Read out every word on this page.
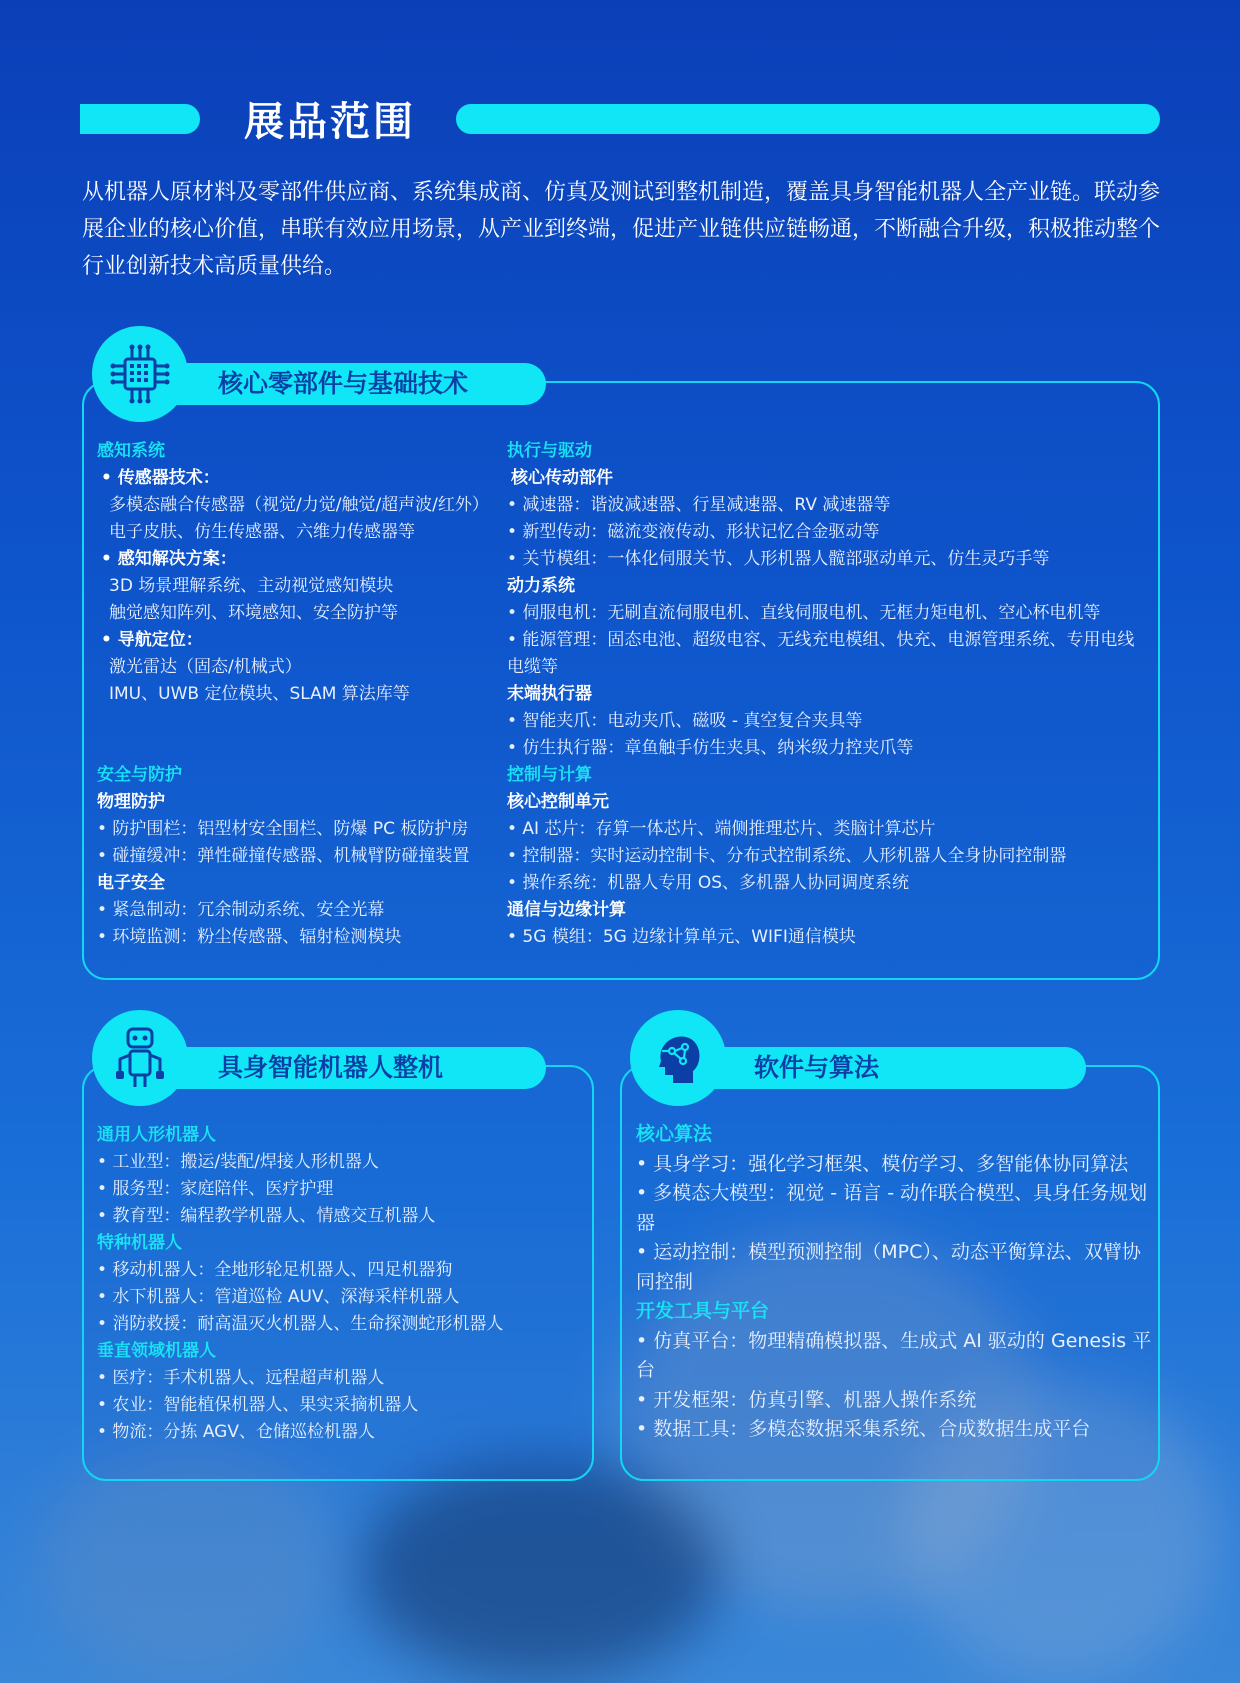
展品范围

从机器人原材料及零部件供应商、系统集成商、仿真及测试到整机制造，覆盖具身智能机器人全产业链。联动参展企业的核心价值，串联有效应用场景，从产业到终端，促进产业链供应链畅通，不断融合升级，积极推动整个行业创新技术高质量供给。

核心零部件与基础技术
感知系统
• 传感器技术：
多模态融合传感器（视觉/力觉/触觉/超声波/红外）
电子皮肤、仿生传感器、六维力传感器等
• 感知解决方案：
3D 场景理解系统、主动视觉感知模块
触觉感知阵列、环境感知、安全防护等
• 导航定位：
激光雷达（固态/机械式）
IMU、UWB 定位模块、SLAM 算法库等
执行与驱动
核心传动部件
• 减速器：谐波减速器、行星减速器、RV 减速器等
• 新型传动：磁流变液传动、形状记忆合金驱动等
• 关节模组：一体化伺服关节、人形机器人髋部驱动单元、仿生灵巧手等
动力系统
• 伺服电机：无刷直流伺服电机、直线伺服电机、无框力矩电机、空心杯电机等
• 能源管理：固态电池、超级电容、无线充电模组、快充、电源管理系统、专用电线电缆等
末端执行器
• 智能夹爪：电动夹爪、磁吸 - 真空复合夹具等
• 仿生执行器：章鱼触手仿生夹具、纳米级力控夹爪等
安全与防护
物理防护
• 防护围栏：铝型材安全围栏、防爆 PC 板防护房
• 碰撞缓冲：弹性碰撞传感器、机械臂防碰撞装置
电子安全
• 紧急制动：冗余制动系统、安全光幕
• 环境监测：粉尘传感器、辐射检测模块
控制与计算
核心控制单元
• AI 芯片：存算一体芯片、端侧推理芯片、类脑计算芯片
• 控制器：实时运动控制卡、分布式控制系统、人形机器人全身协同控制器
• 操作系统：机器人专用 OS、多机器人协同调度系统
通信与边缘计算
• 5G 模组：5G 边缘计算单元、WIFI通信模块
具身智能机器人整机
通用人形机器人
• 工业型：搬运/装配/焊接人形机器人
• 服务型：家庭陪伴、医疗护理
• 教育型：编程教学机器人、情感交互机器人
特种机器人
• 移动机器人：全地形轮足机器人、四足机器狗
• 水下机器人：管道巡检 AUV、深海采样机器人
• 消防救援：耐高温灭火机器人、生命探测蛇形机器人
垂直领域机器人
• 医疗：手术机器人、远程超声机器人
• 农业：智能植保机器人、果实采摘机器人
• 物流：分拣 AGV、仓储巡检机器人
软件与算法
核心算法
• 具身学习：强化学习框架、模仿学习、多智能体协同算法
• 多模态大模型：视觉 - 语言 - 动作联合模型、具身任务规划器
• 运动控制：模型预测控制（MPC）、动态平衡算法、双臂协同控制
开发工具与平台
• 仿真平台：物理精确模拟器、生成式 AI 驱动的 Genesis 平台
• 开发框架：仿真引擎、机器人操作系统
• 数据工具：多模态数据采集系统、合成数据生成平台
